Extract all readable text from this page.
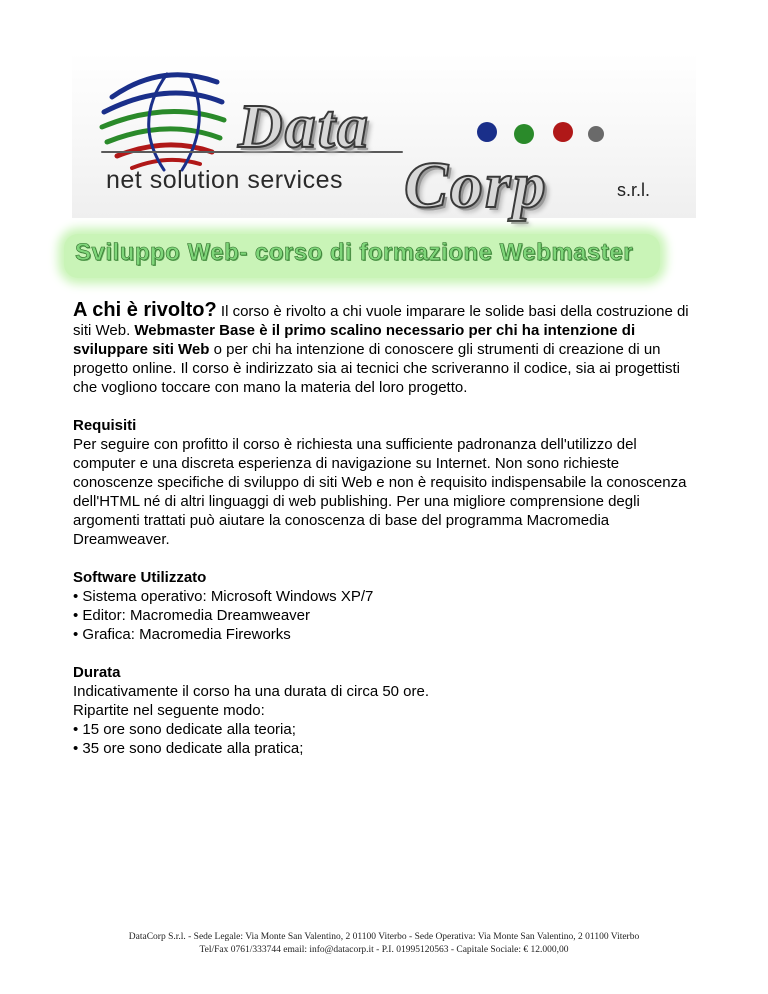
Data
Corp
net solution services	s.r.l.
Sviluppo Web- corso di formazione Webmaster
A chi è rivolto? Il corso è rivolto a chi vuole imparare le solide basi della costruzione di siti Web. Webmaster Base è il primo scalino necessario per chi ha intenzione di sviluppare siti Web o per chi ha intenzione di conoscere gli strumenti di creazione di un progetto online. Il corso è indirizzato sia ai tecnici che scriveranno il codice, sia ai progettisti che vogliono toccare con mano la materia del loro progetto.
Requisiti
Per seguire con profitto il corso è richiesta una sufficiente padronanza dell'utilizzo del computer e una discreta esperienza di navigazione su Internet. Non sono richieste conoscenze specifiche di sviluppo di siti Web e non è requisito indispensabile la conoscenza dell'HTML né di altri linguaggi di web publishing. Per una migliore comprensione degli argomenti trattati può aiutare la conoscenza di base del programma Macromedia Dreamweaver.
Software Utilizzato
• Sistema operativo: Microsoft Windows XP/7
• Editor: Macromedia Dreamweaver
• Grafica: Macromedia Fireworks
Durata
Indicativamente il corso ha una durata di circa 50 ore.
Ripartite nel seguente modo:
• 15 ore sono dedicate alla teoria;
• 35 ore sono dedicate alla pratica;
DataCorp S.r.l. - Sede Legale: Via Monte San Valentino, 2 01100 Viterbo - Sede Operativa: Via Monte San Valentino, 2 01100 Viterbo
Tel/Fax 0761/333744 email: info@datacorp.it - P.I. 01995120563 - Capitale Sociale: € 12.000,00
